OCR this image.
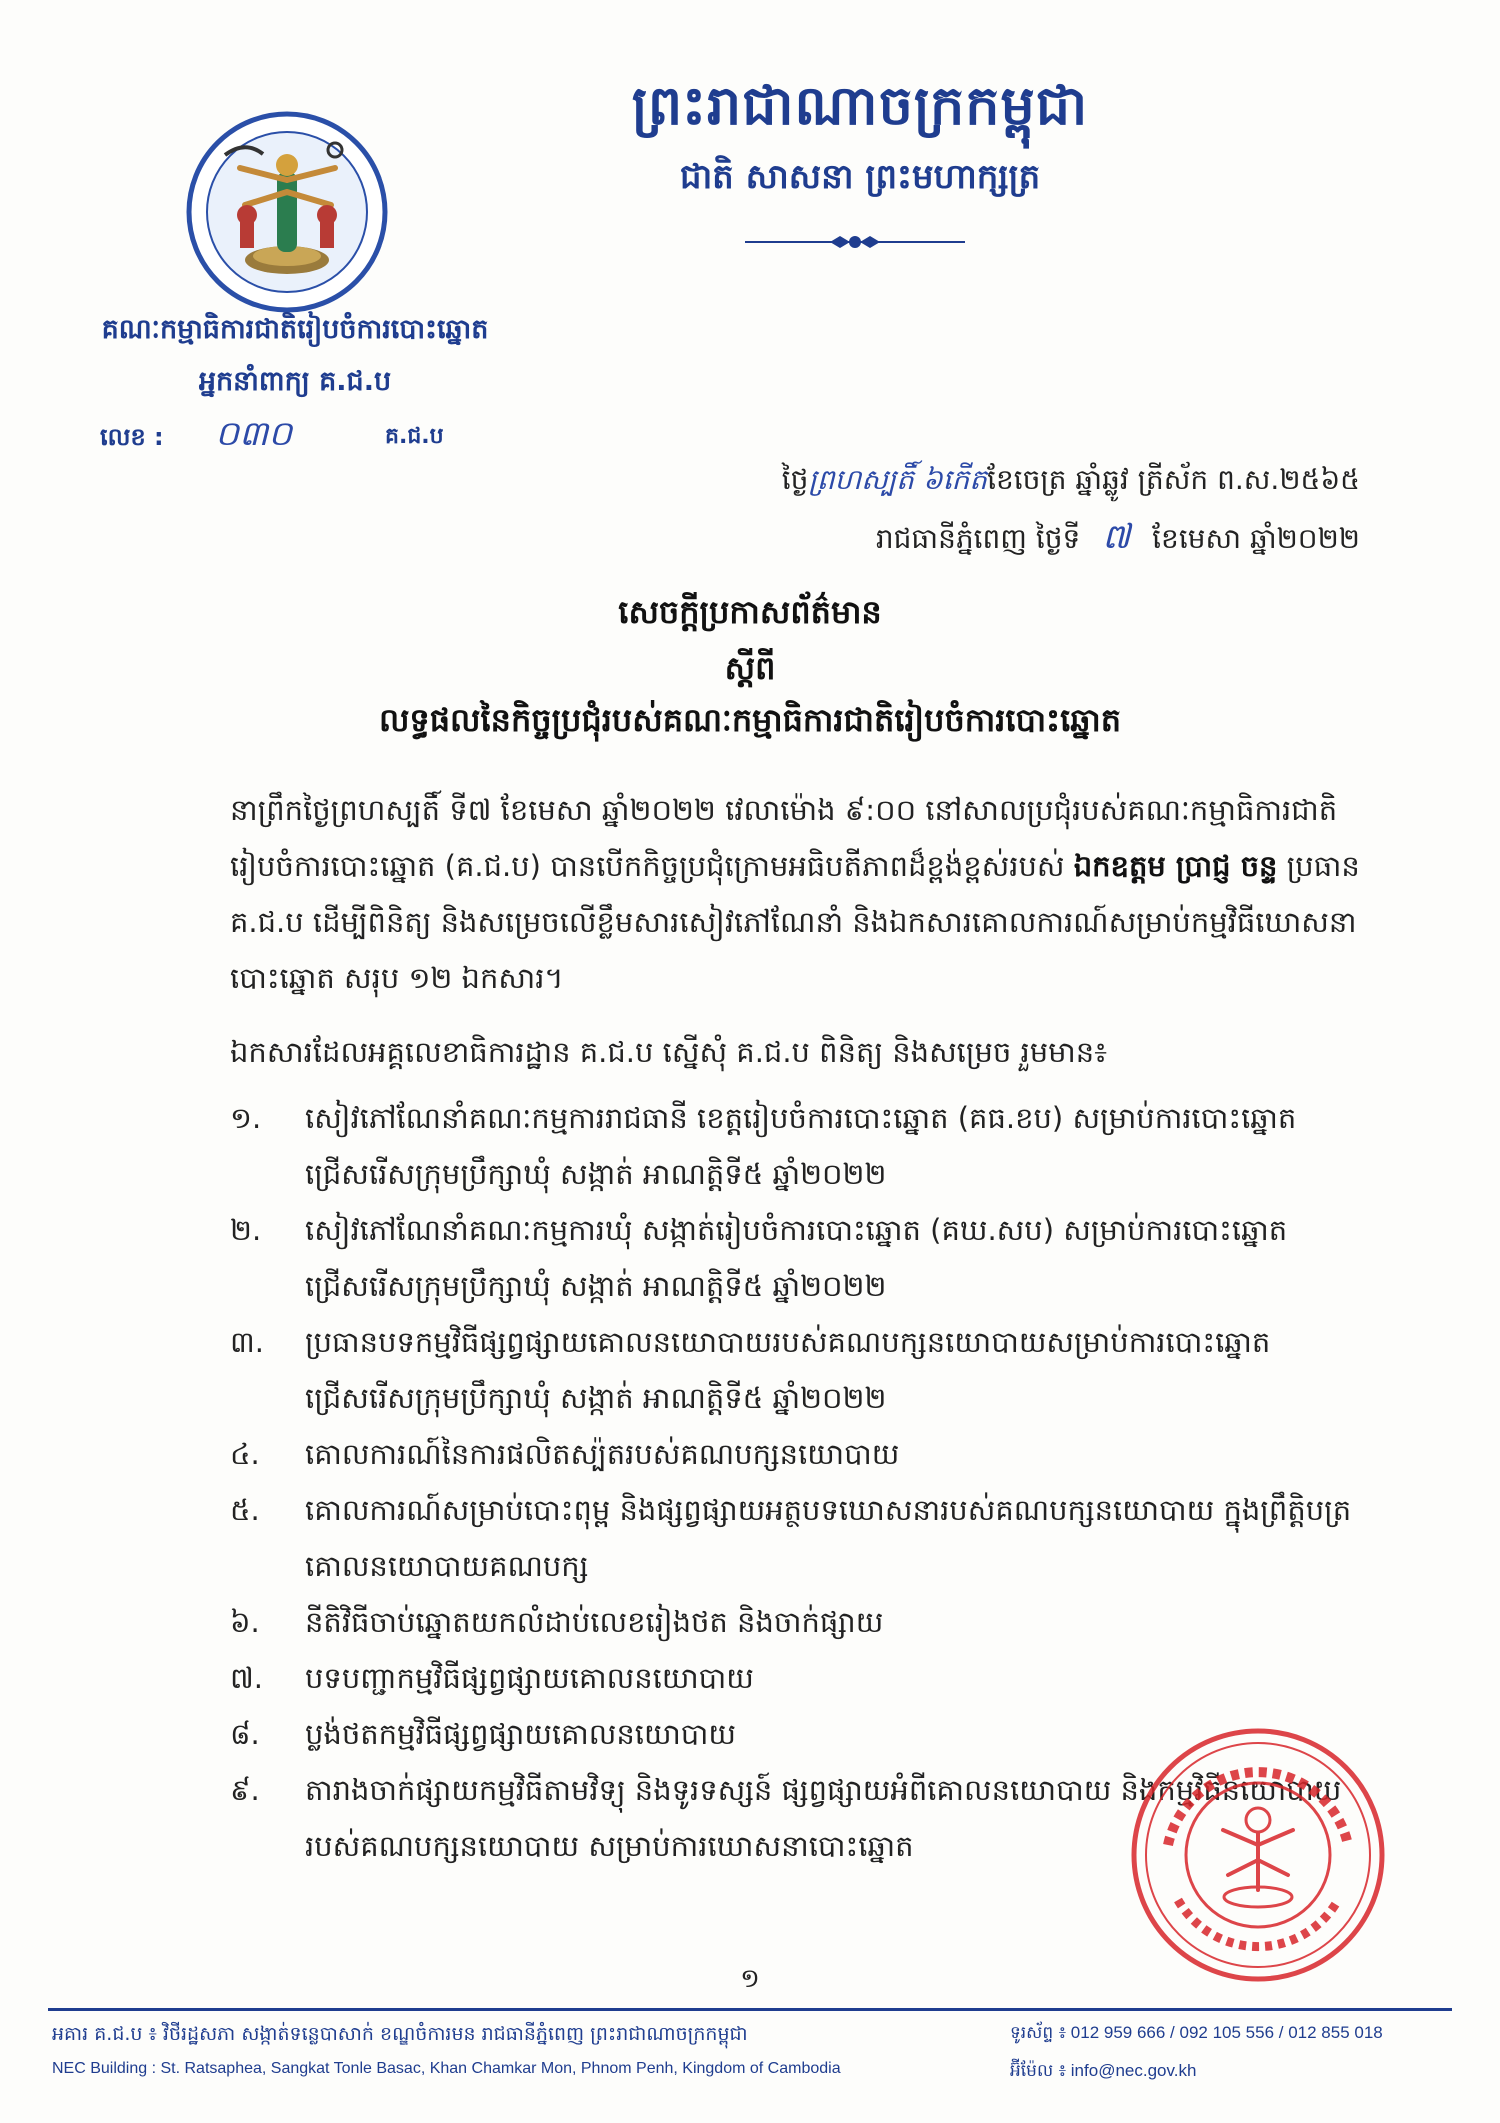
ព្រះរាជាណាចក្រកម្ពុជា
ជាតិ សាសនា ព្រះមហាក្សត្រ
គណៈកម្មាធិការជាតិរៀបចំការបោះឆ្នោត
អ្នកនាំពាក្យ គ.ជ.ប
លេខ : ០៣០	គ.ជ.ប
ថ្ងៃព្រហស្បតិ៍ ៦កើតខែចេត្រ ឆ្នាំឆ្លូវ ត្រីស័ក ព.ស.២៥៦៥
រាជធានីភ្នំពេញ ថ្ងៃទី ៧ ខែមេសា ឆ្នាំ២០២២
សេចក្តីប្រកាសព័ត៌មាន
ស្តីពី
លទ្ធផលនៃកិច្ចប្រជុំរបស់គណៈកម្មាធិការជាតិរៀបចំការបោះឆ្នោត
នាព្រឹកថ្ងៃព្រហស្បតិ៍ ទី៧ ខែមេសា ឆ្នាំ២០២២ វេលាម៉ោង ៩:០០ នៅសាលប្រជុំរបស់គណៈកម្មាធិការជាតិរៀបចំការបោះឆ្នោត (គ.ជ.ប) បានបើកកិច្ចប្រជុំក្រោមអធិបតីភាពដ៏ខ្ពង់ខ្ពស់របស់ ឯកឧត្តម ប្រាជ្ញ ចន្ទ ប្រធាន គ.ជ.ប ដើម្បីពិនិត្យ និងសម្រេចលើខ្លឹមសារសៀវភៅណែនាំ និងឯកសារគោលការណ៍សម្រាប់កម្មវិធីឃោសនាបោះឆ្នោត សរុប ១២ ឯកសារ។
ឯកសារដែលអគ្គលេខាធិការដ្ឋាន គ.ជ.ប ស្នើសុំ គ.ជ.ប ពិនិត្យ និងសម្រេច រួមមាន៖
១.	សៀវភៅណែនាំគណៈកម្មការរាជធានី ខេត្តរៀបចំការបោះឆ្នោត (គធ.ខប) សម្រាប់ការបោះឆ្នោតជ្រើសរើសក្រុមប្រឹក្សាឃុំ សង្កាត់ អាណត្តិទី៥ ឆ្នាំ២០២២
២.	សៀវភៅណែនាំគណៈកម្មការឃុំ សង្កាត់រៀបចំការបោះឆ្នោត (គឃ.សប) សម្រាប់ការបោះឆ្នោតជ្រើសរើសក្រុមប្រឹក្សាឃុំ សង្កាត់ អាណត្តិទី៥ ឆ្នាំ២០២២
៣.	ប្រធានបទកម្មវិធីផ្សព្វផ្សាយគោលនយោបាយរបស់គណបក្សនយោបាយសម្រាប់ការបោះឆ្នោតជ្រើសរើសក្រុមប្រឹក្សាឃុំ សង្កាត់ អាណត្តិទី៥ ឆ្នាំ២០២២
៤.	គោលការណ៍នៃការផលិតស្ប៉តរបស់គណបក្សនយោបាយ
៥.	គោលការណ៍សម្រាប់បោះពុម្ព និងផ្សព្វផ្សាយអត្ថបទឃោសនារបស់គណបក្សនយោបាយ ក្នុងព្រឹត្តិបត្រគោលនយោបាយគណបក្ស
៦.	នីតិវិធីចាប់ឆ្នោតយកលំដាប់លេខរៀងថត និងចាក់ផ្សាយ
៧.	បទបញ្ជាកម្មវិធីផ្សព្វផ្សាយគោលនយោបាយ
៨.	ប្លង់ថតកម្មវិធីផ្សព្វផ្សាយគោលនយោបាយ
៩.	តារាងចាក់ផ្សាយកម្មវិធីតាមវិទ្យុ និងទូរទស្សន៍ ផ្សព្វផ្សាយអំពីគោលនយោបាយ និងកម្មវិធីនយោបាយរបស់គណបក្សនយោបាយ សម្រាប់ការឃោសនាបោះឆ្នោត
១
អគារ គ.ជ.ប ៖ វិថីរដ្ឋសភា សង្កាត់ទន្លេបាសាក់ ខណ្ឌចំការមន រាជធានីភ្នំពេញ ព្រះរាជាណាចក្រកម្ពុជា
NEC Building : St. Ratsaphea, Sangkat Tonle Basac, Khan Chamkar Mon, Phnom Penh, Kingdom of Cambodia
ទូរស័ព្ទ ៖ 012 959 666 / 092 105 556 / 012 855 018
អ៊ីម៉ែល ៖ info@nec.gov.kh
